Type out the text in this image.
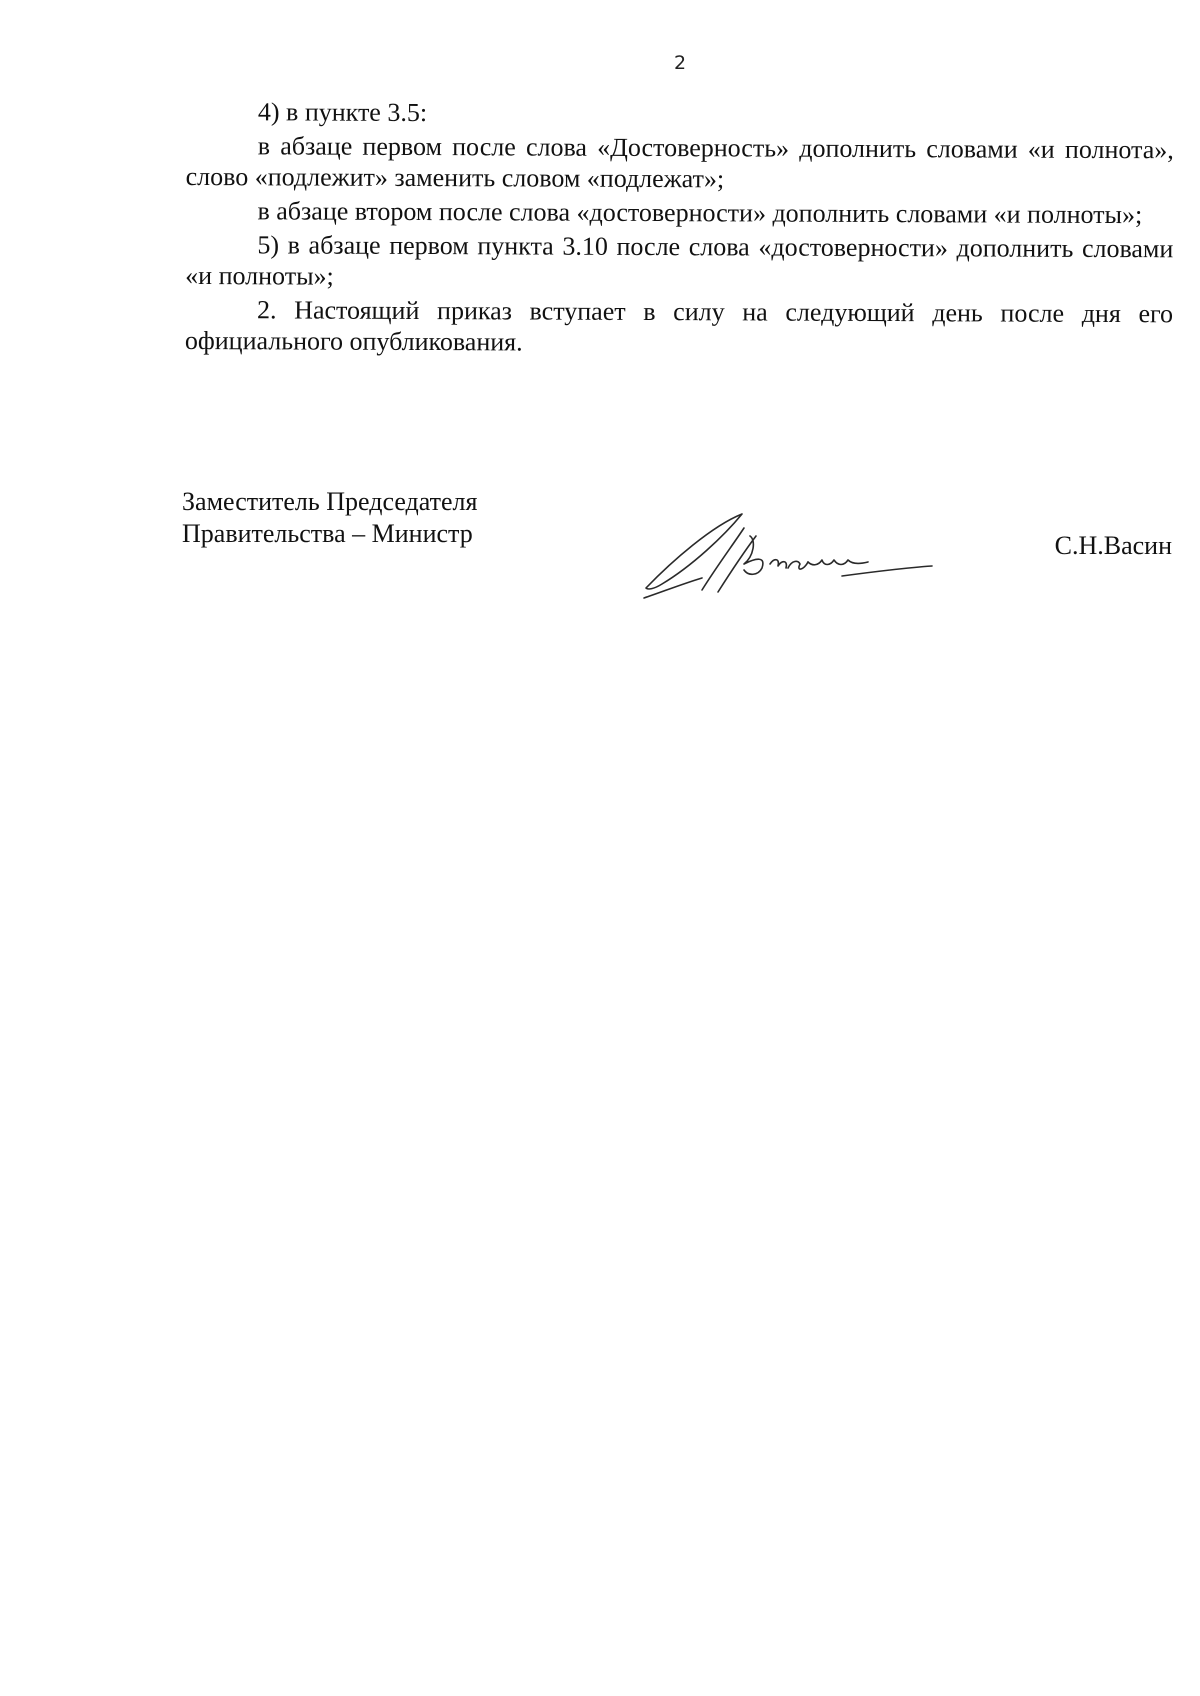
2

4) в пункте 3.5:

в абзаце первом после слова «Достоверность» дополнить словами «и полнота», слово «подлежит» заменить словом «подлежат»;

в абзаце втором после слова «достоверности» дополнить словами «и полноты»;

5) в абзаце первом пункта 3.10 после слова «достоверности» дополнить словами «и полноты»;

2. Настоящий приказ вступает в силу на следующий день после дня его официального опубликования.

Заместитель Председателя
Правительства – Министр	С.Н.Васин
